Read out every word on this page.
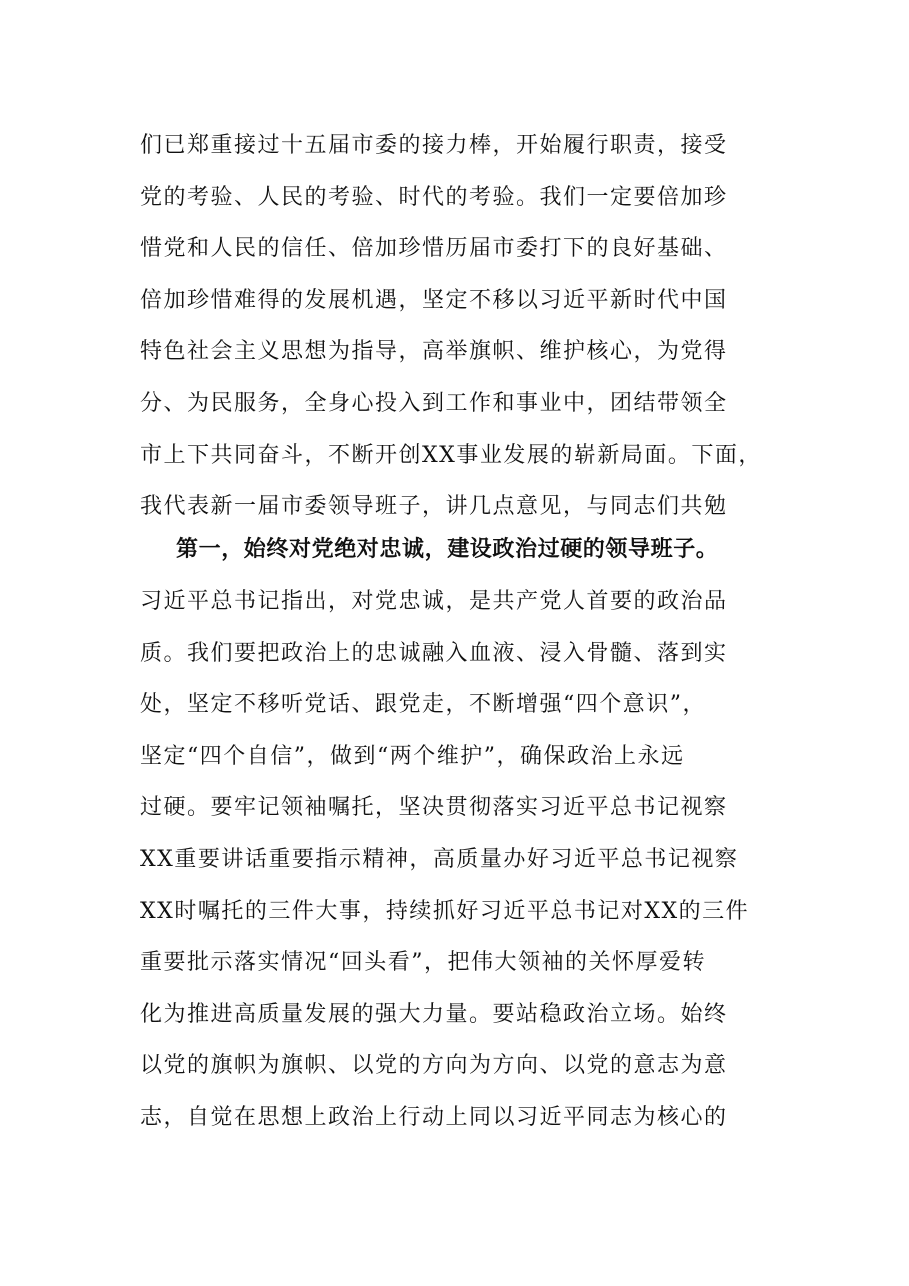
们已郑重接过十五届市委的接力棒，开始履行职责，接受
党的考验、人民的考验、时代的考验。我们一定要倍加珍
惜党和人民的信任、倍加珍惜历届市委打下的良好基础、
倍加珍惜难得的发展机遇，坚定不移以习近平新时代中国
特色社会主义思想为指导，高举旗帜、维护核心，为党得
分、为民服务，全身心投入到工作和事业中，团结带领全
市上下共同奋斗，不断开创XX事业发展的崭新局面。下面，
我代表新一届市委领导班子，讲几点意见，与同志们共勉
第一，始终对党绝对忠诚，建设政治过硬的领导班子。
习近平总书记指出，对党忠诚，是共产党人首要的政治品
质。我们要把政治上的忠诚融入血液、浸入骨髓、落到实
处，坚定不移听党话、跟党走，不断增强“四个意识”，
坚定“四个自信”，做到“两个维护”，确保政治上永远
过硬。要牢记领袖嘱托，坚决贯彻落实习近平总书记视察
XX重要讲话重要指示精神，高质量办好习近平总书记视察
XX时嘱托的三件大事，持续抓好习近平总书记对XX的三件
重要批示落实情况“回头看”，把伟大领袖的关怀厚爱转
化为推进高质量发展的强大力量。要站稳政治立场。始终
以党的旗帜为旗帜、以党的方向为方向、以党的意志为意
志，自觉在思想上政治上行动上同以习近平同志为核心的
